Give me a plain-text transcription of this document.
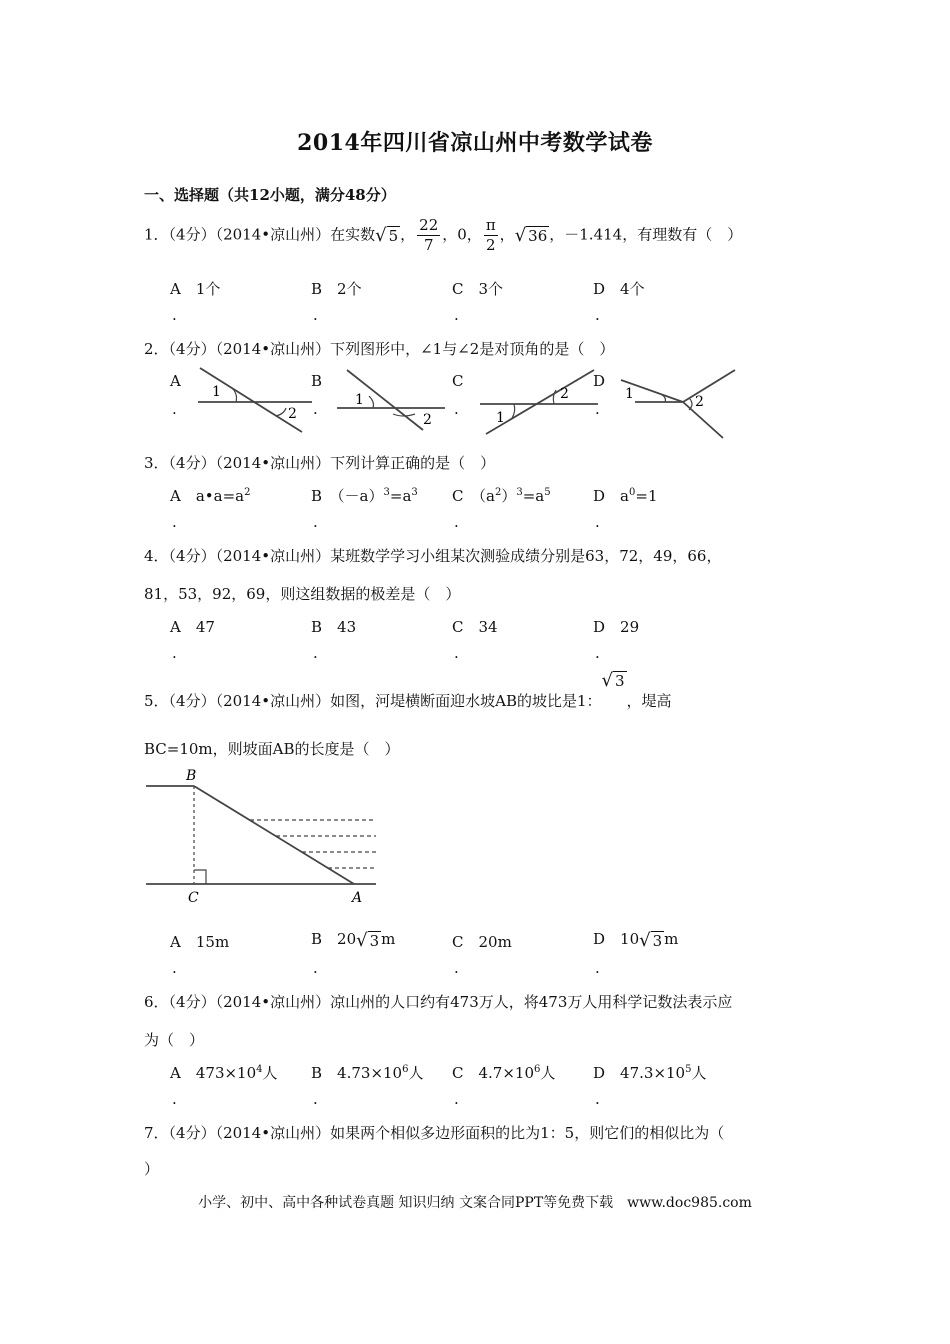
2014年四川省凉山州中考数学试卷
一、选择题（共12小题，满分48分）
1．（4分）（2014•凉山州）在实数√ 5 ， $\frac{22}{7}$ ，0， $\frac{\pi}{2}$ ，√ 36 ，－1.414，有理数有（　）
A　 1个	B　 2个	C　 3个	D　 4个
.	.	.	.
2．（4分）（2014•凉山州）下列图形中，∠1与∠2是对顶角的是（　）
A	B	C	D
.	.	.	.
1
2
1
2	1
2	1	2
3．（4分）（2014•凉山州）下列计算正确的是（　）
A　 $a•a=a^2$	B　 $(-a)^3=a^3$ C　 $(a^2)^3=a^5$	D　 $a^0=1$
.	.	.	.
4．（4分）（2014•凉山州）某班数学学习小组某次测验成绩分别是63，72，49，66，
81，53，92，69，则这组数据的极差是（　）
A　 47	B　 43	C　 34	D　 29
.	.	.	.
5．（4分）（2014•凉山州）如图，河堤横断面迎水坡AB的坡比是1：√ 3，堤高
BC=10m，则坡面AB的长度是（　）
B
C	A
A　 15m	B　 20√ 3 m	C　 20m	D　 10√ 3 m
.	.	.	.
6．（4分）（2014•凉山州）凉山州的人口约有473万人，将473万人用科学记数法表示应
为（　）
A　 $473\times 10^4$人 B　 $4.73\times 10^6$人 C　 $4.7\times 10^6$人	D　 $47.3\times 10^5$人
.	.	.	.
7．（4分）（2014•凉山州）如果两个相似多边形面积的比为1：5，则它们的相似比为（
）
小学、初中、高中各种试卷真题 知识归纳 文案合同PPT等免费下载　www.doc985.com
